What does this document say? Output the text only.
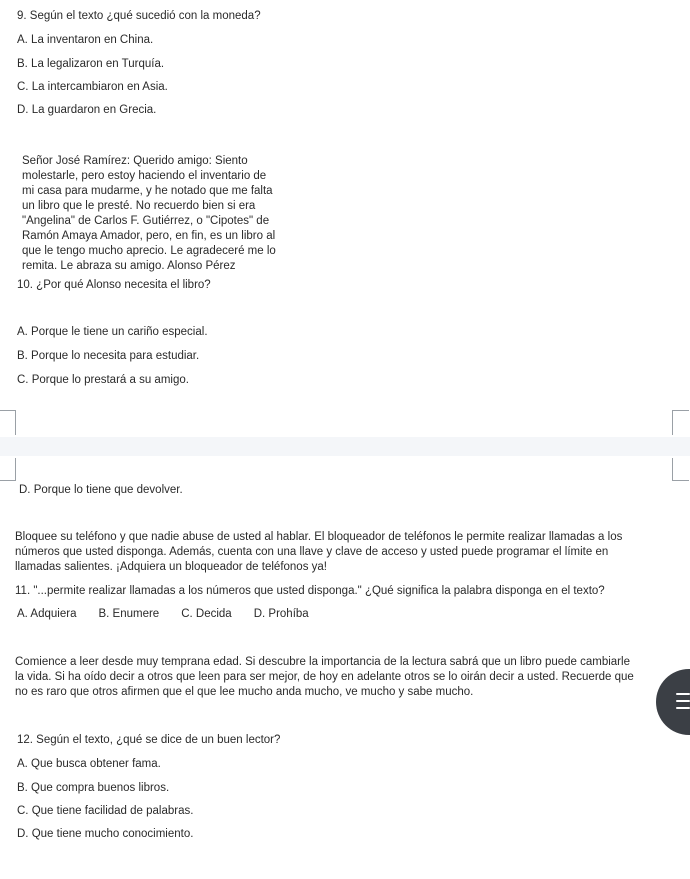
9. Según el texto ¿qué sucedió con la moneda?
A. La inventaron en China.
B. La legalizaron en Turquía.
C. La intercambiaron en Asia.
D. La guardaron en Grecia.
Señor José Ramírez: Querido amigo: Siento
molestarle, pero estoy haciendo el inventario de
mi casa para mudarme, y he notado que me falta
un libro que le presté. No recuerdo bien si era
"Angelina" de Carlos F. Gutiérrez, o "Cipotes" de
Ramón Amaya Amador, pero, en fin, es un libro al
que le tengo mucho aprecio. Le agradeceré me lo
remita. Le abraza su amigo. Alonso Pérez
10. ¿Por qué Alonso necesita el libro?
A. Porque le tiene un cariño especial.
B. Porque lo necesita para estudiar.
C. Porque lo prestará a su amigo.
D. Porque lo tiene que devolver.
Bloquee su teléfono y que nadie abuse de usted al hablar. El bloqueador de teléfonos le permite realizar llamadas a los
números que usted disponga. Además, cuenta con una llave y clave de acceso y usted puede programar el límite en
llamadas salientes. ¡Adquiera un bloqueador de teléfonos ya!
11. "...permite realizar llamadas a los números que usted disponga." ¿Qué significa la palabra disponga en el texto?
A. Adquiera B. Enumere C. Decida D. Prohíba
Comience a leer desde muy temprana edad. Si descubre la importancia de la lectura sabrá que un libro puede cambiarle
la vida. Si ha oído decir a otros que leen para ser mejor, de hoy en adelante otros se lo oirán decir a usted. Recuerde que
no es raro que otros afirmen que el que lee mucho anda mucho, ve mucho y sabe mucho.
12. Según el texto, ¿qué se dice de un buen lector?
A. Que busca obtener fama.
B. Que compra buenos libros.
C. Que tiene facilidad de palabras.
D. Que tiene mucho conocimiento.
